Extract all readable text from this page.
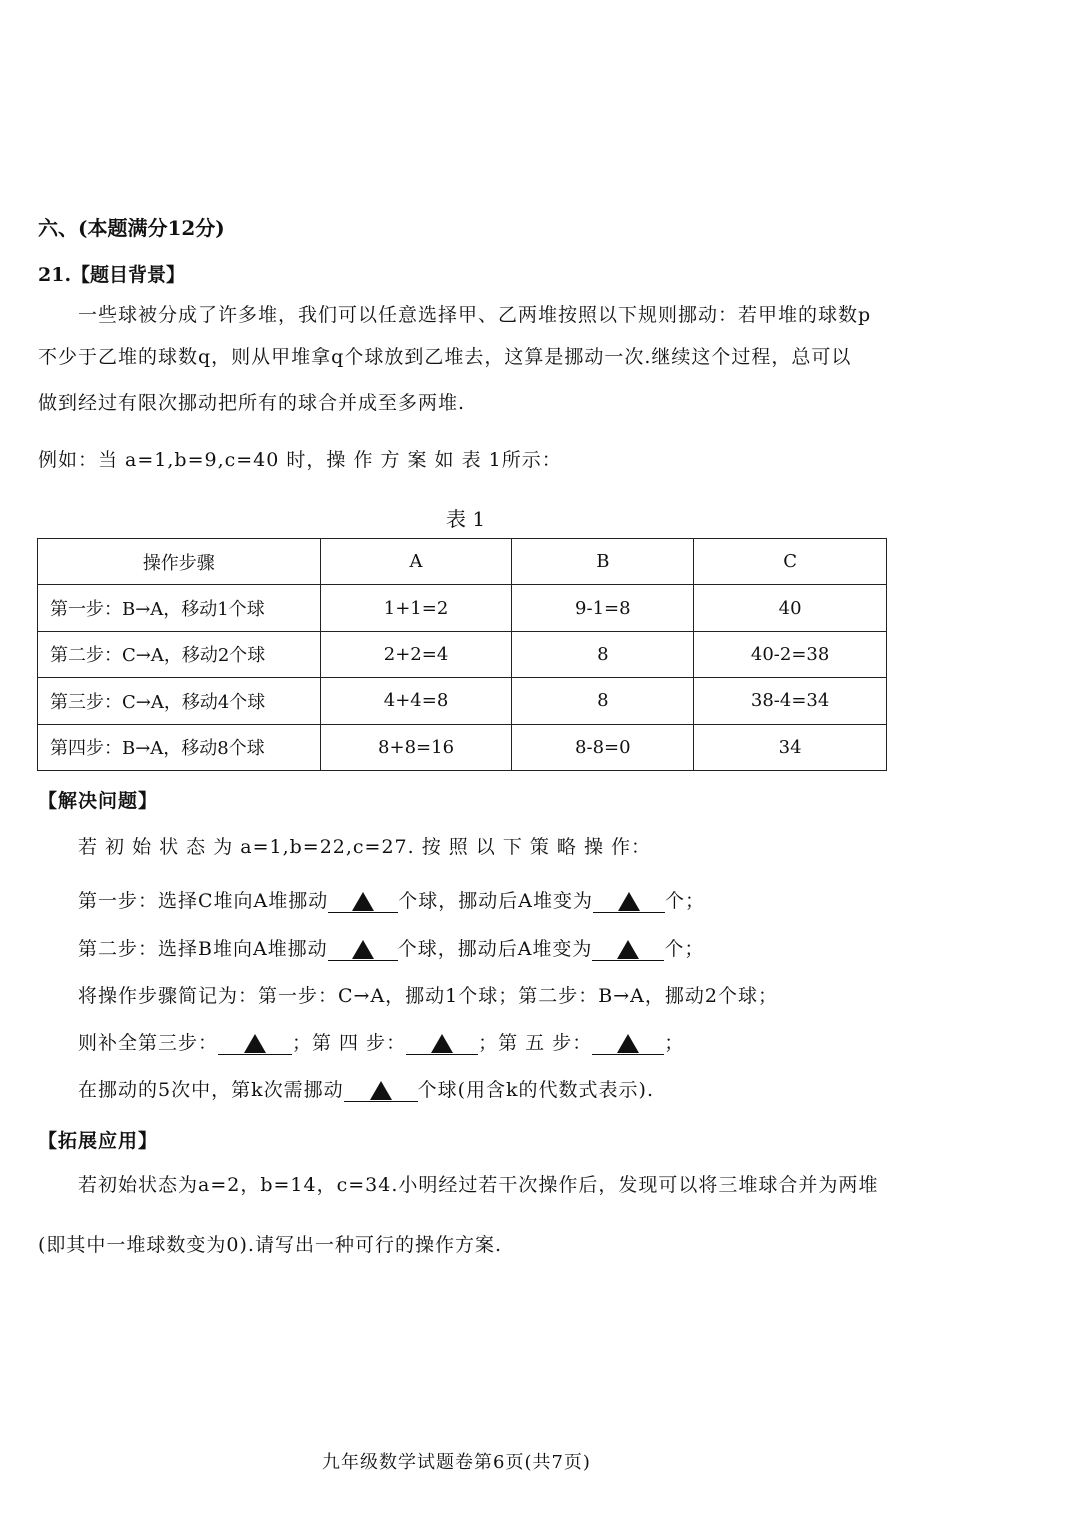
六、(本题满分12分)
21.【题目背景】
一些球被分成了许多堆，我们可以任意选择甲、乙两堆按照以下规则挪动：若甲堆的球数p
不少于乙堆的球数q，则从甲堆拿q个球放到乙堆去，这算是挪动一次.继续这个过程，总可以
做到经过有限次挪动把所有的球合并成至多两堆.
例如：当 a=1,b=9,c=40 时，操 作 方 案 如 表 1所示：
表 1
操作步骤	A	B	C
第一步：B→A，移动1个球	1+1=2	9-1=8	40
第二步：C→A，移动2个球	2+2=4	8	40-2=38
第三步：C→A，移动4个球	4+4=8	8	38-4=34
第四步：B→A，移动8个球	8+8=16	8-8=0	34
【解决问题】
若 初 始 状 态 为 a=1,b=22,c=27. 按 照 以 下 策 略 操 作：
第一步：选择C堆向A堆挪动	个球，挪动后A堆变为	个；
第二步：选择B堆向A堆挪动	个球，挪动后A堆变为	个；
将操作步骤简记为：第一步：C→A，挪动1个球；第二步：B→A，挪动2个球；
则补全第三步：	；第 四 步：	；第 五 步：	；
在挪动的5次中，第k次需挪动	个球(用含k的代数式表示).
【拓展应用】
若初始状态为a=2，b=14，c=34.小明经过若干次操作后，发现可以将三堆球合并为两堆
(即其中一堆球数变为0).请写出一种可行的操作方案.
九年级数学试题卷第6页(共7页)
